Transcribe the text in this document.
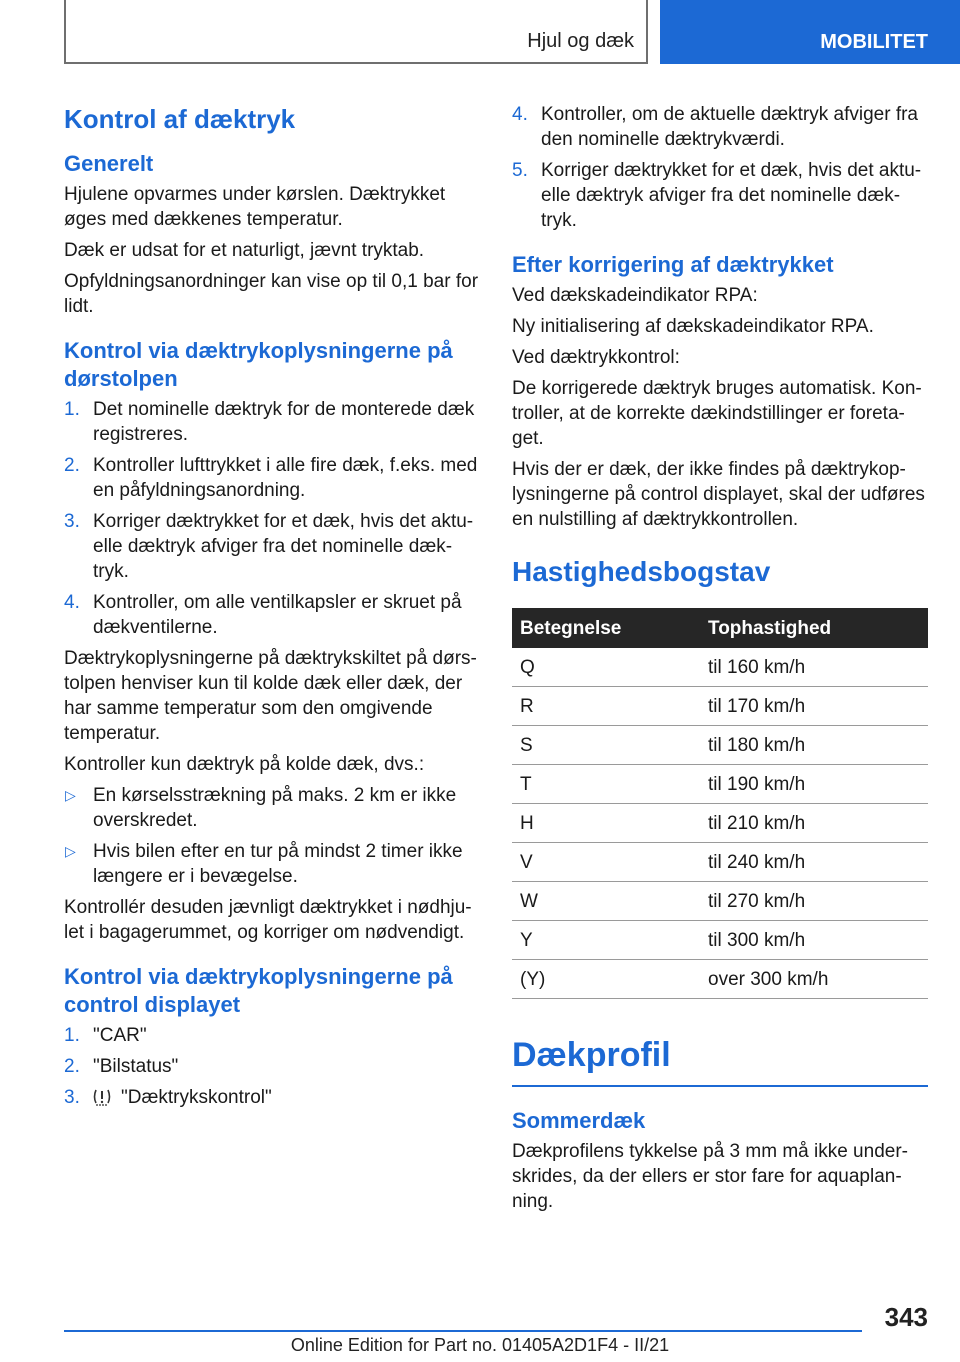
Hjul og dæk	MOBILITET
Kontrol af dæktryk
Generelt

Hjulene opvarmes under kørslen. Dæktrykket øges med dækkenes temperatur.

Dæk er udsat for et naturligt, jævnt tryktab.

Opfyldningsanordninger kan vise op til 0,1 bar for lidt.

Kontrol via dæktrykoplysningerne på dørstolpen
1. Det nominelle dæktryk for de monterede dæk registreres.
2. Kontroller lufttrykket i alle fire dæk, f.eks. med en påfyldningsanordning.
3. Korriger dæktrykket for et dæk, hvis det aktu-elle dæktryk afviger fra det nominelle dæk-tryk.
4. Kontroller, om alle ventilkapsler er skruet på dækventilerne.

Dæktrykoplysningerne på dæktrykskiltet på dørs-tolpen henviser kun til kolde dæk eller dæk, der har samme temperatur som den omgivende temperatur.

Kontroller kun dæktryk på kolde dæk, dvs.:

▷ En kørselsstrækning på maks. 2 km er ikke overskredet.
▷ Hvis bilen efter en tur på mindst 2 timer ikke længere er i bevægelse.

Kontrollér desuden jævnligt dæktrykket i nødhju-let i bagagerummet, og korriger om nødvendigt.

Kontrol via dæktrykoplysningerne på control displayet
1. "CAR"
2. "Bilstatus"
3. "Dæktrykskontrol"
4. Kontroller, om de aktuelle dæktryk afviger fra den nominelle dæktrykværdi.
5. Korriger dæktrykket for et dæk, hvis det aktu-elle dæktryk afviger fra det nominelle dæk-tryk.
Efter korrigering af dæktrykket

Ved dækskadeindikator RPA:

Ny initialisering af dækskadeindikator RPA.

Ved dæktrykkontrol:

De korrigerede dæktryk bruges automatisk. Kon-troller, at de korrekte dækindstillinger er foreta-get.

Hvis der er dæk, der ikke findes på dæktrykop-lysningerne på control displayet, skal der udføres en nulstilling af dæktrykkontrollen.

Hastighedsbogstav
Betegnelse	Tophastighed
Q	til 160 km/h
R	til 170 km/h
S	til 180 km/h
T	til 190 km/h
H	til 210 km/h
V	til 240 km/h
W	til 270 km/h
Y	til 300 km/h
(Y)	over 300 km/h
Dækprofil
Sommerdæk

Dækprofilens tykkelse på 3 mm må ikke under-skrides, da der ellers er stor fare for aquaplan-ning.

343
Online Edition for Part no. 01405A2D1F4 - II/21
